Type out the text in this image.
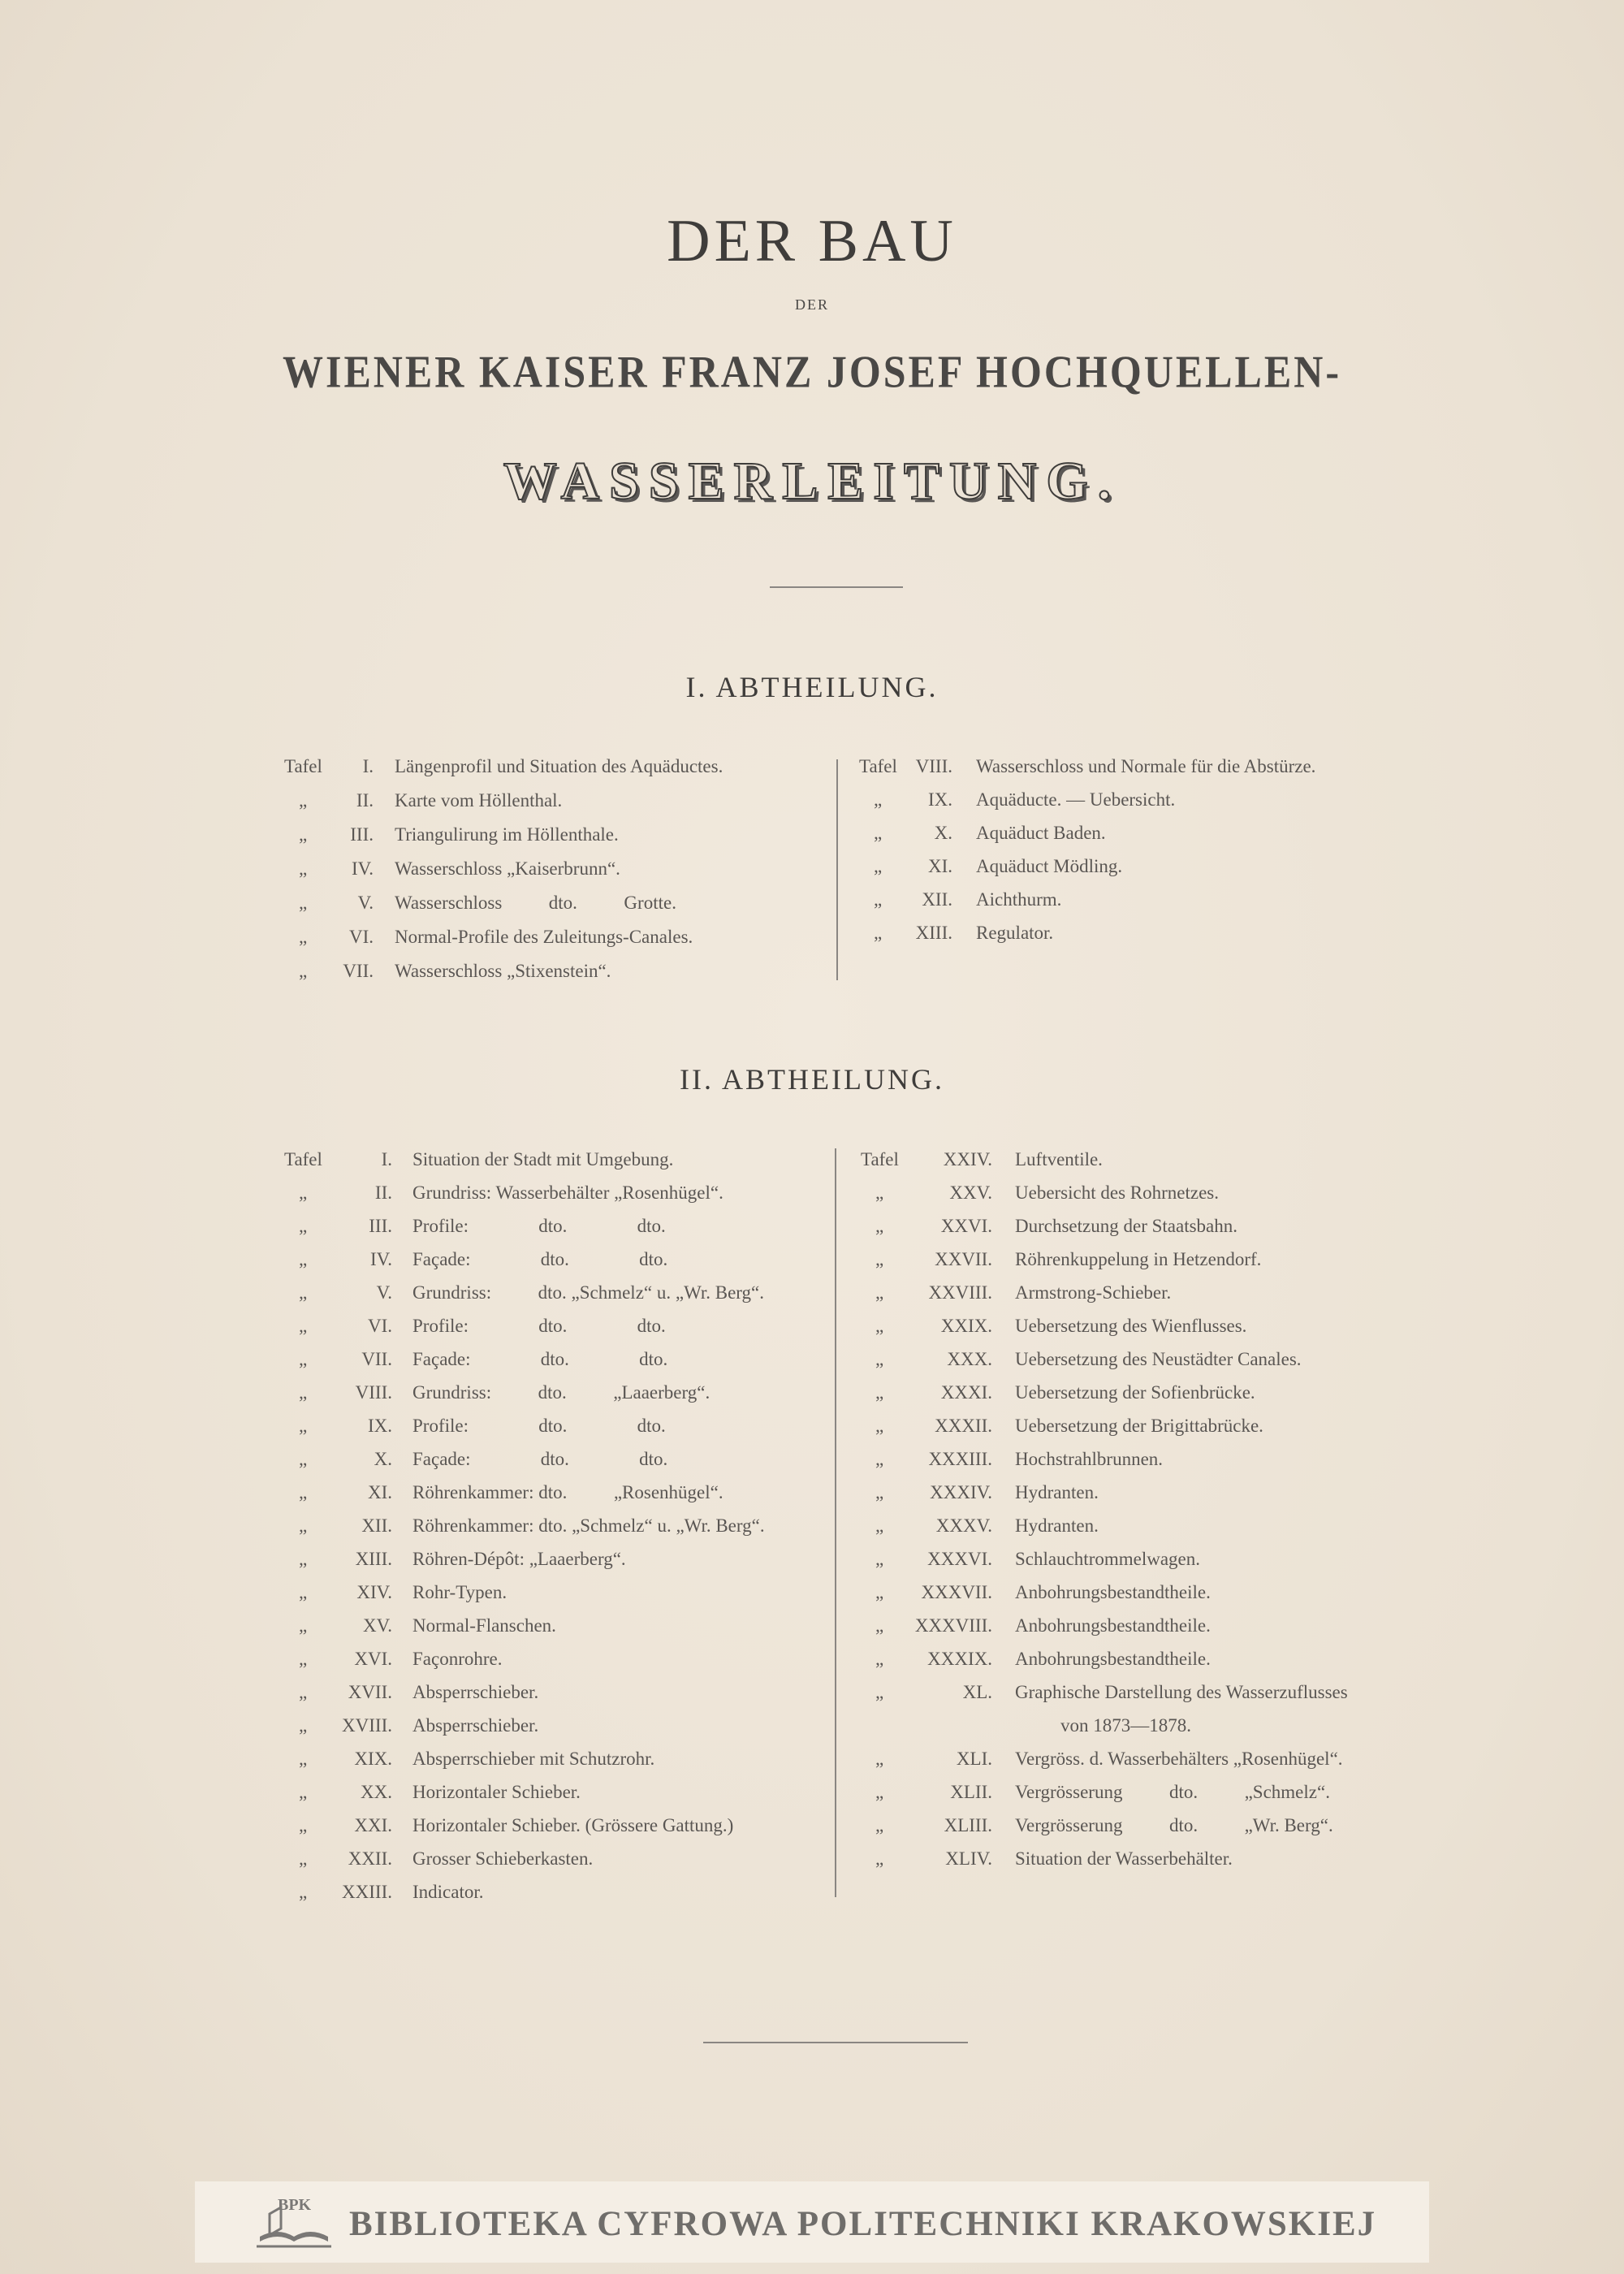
DER BAU
DER
WIENER KAISER FRANZ JOSEF HOCHQUELLEN-
WASSERLEITUNG.
I. ABTHEILUNG.
Tafel	I. Längenprofil und Situation des Aquäductes.
„	II. Karte vom Höllenthal.
„	III. Triangulirung im Höllenthale.
„	IV. Wasserschloss „Kaiserbrunn“.
„	V. Wasserschloss          dto.          Grotte.
„	VI. Normal-Profile des Zuleitungs-Canales.
„	VII. Wasserschloss „Stixenstein“.
Tafel VIII. Wasserschloss und Normale für die Abstürze.
„	IX. Aquäducte. — Uebersicht.
„	X. Aquäduct Baden.
„	XI. Aquäduct Mödling.
„	XII. Aichthurm.
„	XIII. Regulator.
II. ABTHEILUNG.
Tafel	I. Situation der Stadt mit Umgebung.
„	II. Grundriss: Wasserbehälter „Rosenhügel“.
„	III. Profile:               dto.               dto.
„	IV. Façade:               dto.               dto.
„	V. Grundriss:          dto. „Schmelz“ u. „Wr. Berg“.
„	VI. Profile:               dto.               dto.
„	VII. Façade:               dto.               dto.
„	VIII. Grundriss:          dto.          „Laaerberg“.
„	IX. Profile:               dto.               dto.
„	X. Façade:               dto.               dto.
„	XI. Röhrenkammer: dto.          „Rosenhügel“.
„	XII. Röhrenkammer: dto. „Schmelz“ u. „Wr. Berg“.
„	XIII. Röhren-Dépôt: „Laaerberg“.
„	XIV. Rohr-Typen.
„	XV. Normal-Flanschen.
„	XVI. Façonrohre.
„	XVII. Absperrschieber.
„	XVIII. Absperrschieber.
„	XIX. Absperrschieber mit Schutzrohr.
„	XX. Horizontaler Schieber.
„	XXI. Horizontaler Schieber. (Grössere Gattung.)
„	XXII. Grosser Schieberkasten.
„	XXIII. Indicator.
Tafel	XXIV. Luftventile.
„	XXV. Uebersicht des Rohrnetzes.
„	XXVI. Durchsetzung der Staatsbahn.
„	XXVII. Röhrenkuppelung in Hetzendorf.
„	XXVIII. Armstrong-Schieber.
„	XXIX. Uebersetzung des Wienflusses.
„	XXX. Uebersetzung des Neustädter Canales.
„	XXXI. Uebersetzung der Sofienbrücke.
„	XXXII. Uebersetzung der Brigittabrücke.
„	XXXIII. Hochstrahlbrunnen.
„	XXXIV. Hydranten.
„	XXXV. Hydranten.
„	XXXVI. Schlauchtrommelwagen.
„	XXXVII. Anbohrungsbestandtheile.
„	XXXVIII. Anbohrungsbestandtheile.
„	XXXIX. Anbohrungsbestandtheile.
„	XL. Graphische Darstellung des Wasserzuflusses
von 1873—1878.
„	XLI. Vergröss. d. Wasserbehälters „Rosenhügel“.
„	XLII. Vergrösserung          dto.          „Schmelz“.
„	XLIII. Vergrösserung          dto.          „Wr. Berg“.
„	XLIV. Situation der Wasserbehälter.
BPK BIBLIOTEKA CYFROWA POLITECHNIKI KRAKOWSKIEJ
